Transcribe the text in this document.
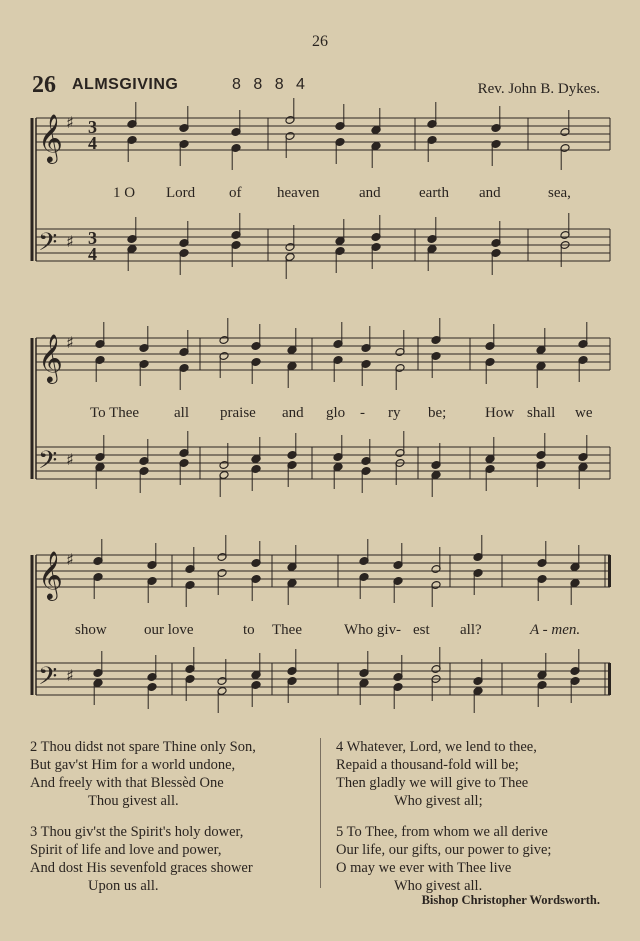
26
26 ALMSGIVING	8 8 8 4	Rev. John B. Dykes.
𝄞 ♯ 3
4
𝄢 ♯ 3
4
𝄞 ♯
𝄢 ♯
𝄞 ♯
𝄢 ♯
1 O Lord of heaven	and	earth and	sea,
To Thee all praise and glo - ry be;	How shall we
show our love	to Thee	Who giv - est all?	A - men.
2 Thou didst not spare Thine only Son,
But gav'st Him for a world undone,
And freely with that Blessèd One
Thou givest all.
3 Thou giv'st the Spirit's holy dower,
Spirit of life and love and power,
And dost His sevenfold graces shower
Upon us all.
4 Whatever, Lord, we lend to thee,
Repaid a thousand-fold will be;
Then gladly we will give to Thee
Who givest all;
5 To Thee, from whom we all derive
Our life, our gifts, our power to give;
O may we ever with Thee live
Who givest all.
Bishop Christopher Wordsworth.
